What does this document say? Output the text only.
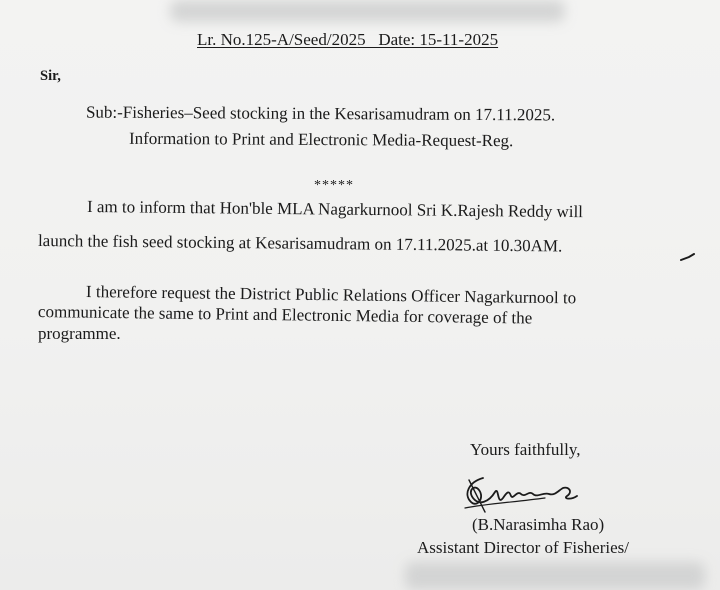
Lr. No.125-A/Seed/2025   Date: 15-11-2025
Sir,
Sub:-Fisheries–Seed stocking in the Kesarisamudram on 17.11.2025.
Information to Print and Electronic Media-Request-Reg.
*****
I am to inform that Hon'ble MLA Nagarkurnool Sri K.Rajesh Reddy will
launch the fish seed stocking at Kesarisamudram on 17.11.2025.at 10.30AM.
I therefore request the District Public Relations Officer Nagarkurnool to
communicate the same to Print and Electronic Media for coverage of the
programme.
Yours faithfully,
(B.Narasimha Rao)
Assistant Director of Fisheries/
